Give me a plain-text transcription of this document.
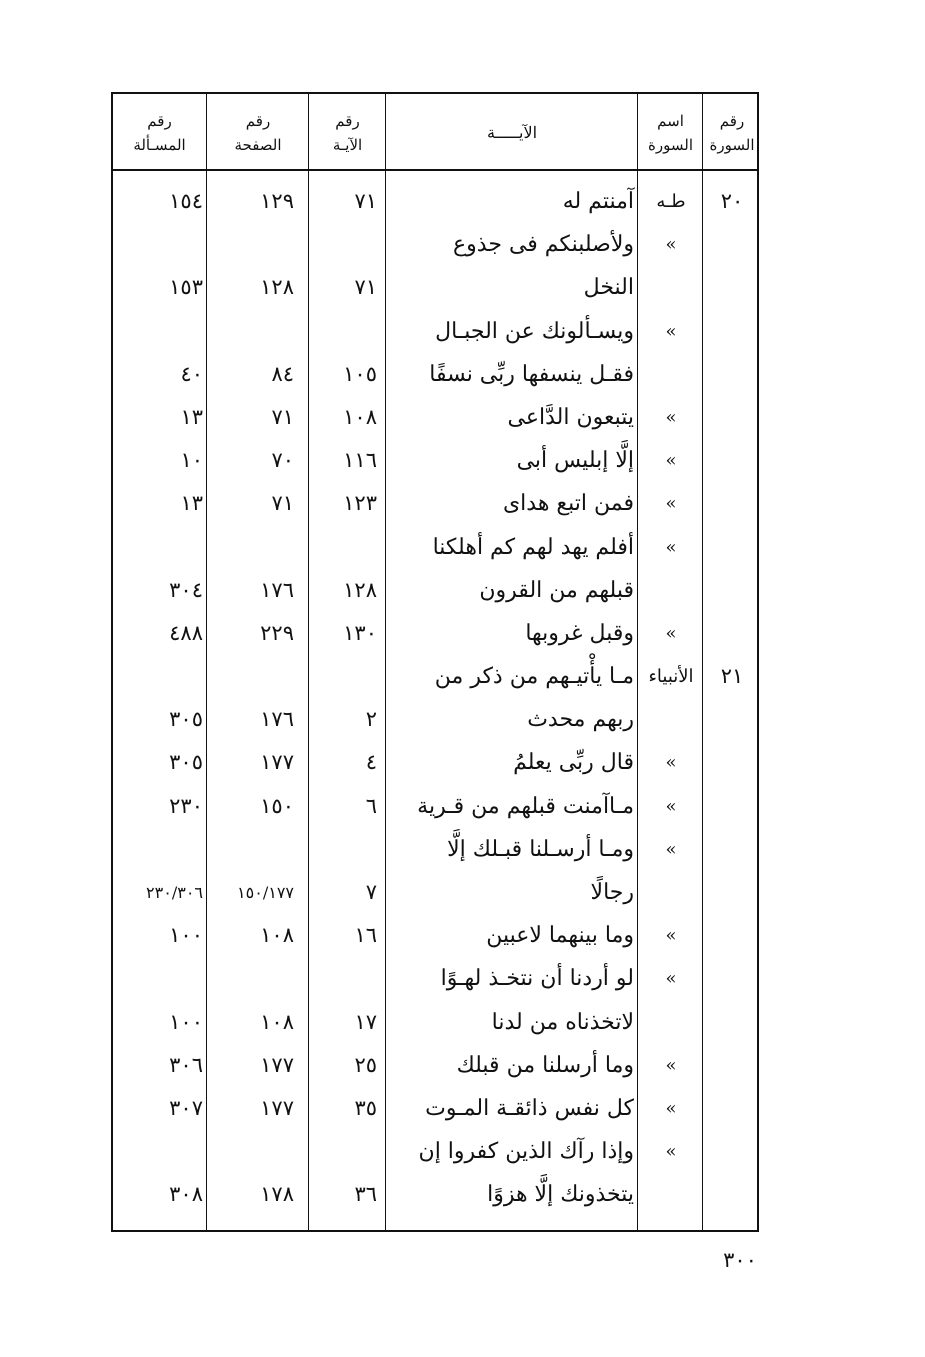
رقم
السورة
اسم
السورة
الآيـــــة
رقم
الآيـة
رقم
الصفحة
رقم
المسـألة
٢٠
طـه
آمنتم له
٧١
١٢٩
١٥٤
»
ولأصلبنكم فى جذوع
النخل
٧١
١٢٨
١٥٣
»
ويسـألونك عن الجبـال
فقـل ينسفها ربِّى نسفًا
١٠٥
٨٤
٤٠
»
يتبعون الدَّاعى
١٠٨
٧١
١٣
»
إلَّا إبليس أبى
١١٦
٧٠
١٠
»
فمن اتبع هداى
١٢٣
٧١
١٣
»
أفلم يهد لهم كم أهلكنا
قبلهم من القرون
١٢٨
١٧٦
٣٠٤
»
وقبل غروبها
١٣٠
٢٢٩
٤٨٨
٢١
الأنبياء
مـا يأْتيـهم من ذكر من
ربهم محدث
٢
١٧٦
٣٠٥
»
قال ربِّى يعلمُ
٤
١٧٧
٣٠٥
»
مـاآمنت قبلهم من قـرية
٦
١٥٠
٢٣٠
»
ومـا أرسـلنا قبـلك إلَّا
رجالًا
٧
١٥٠/١٧٧
٢٣٠/٣٠٦
»
وما بينهما لاعبين
١٦
١٠٨
١٠٠
»
لو أردنا أن نتخـذ لهـوًا
لاتخذناه من لدنا
١٧
١٠٨
١٠٠
»
وما أرسلنا من قبلك
٢٥
١٧٧
٣٠٦
»
كل نفس ذائقـة المـوت
٣٥
١٧٧
٣٠٧
»
وإذا رآك الذين كفروا إن
يتخذونك إلَّا هزوًا
٣٦
١٧٨
٣٠٨
٣٠٠
